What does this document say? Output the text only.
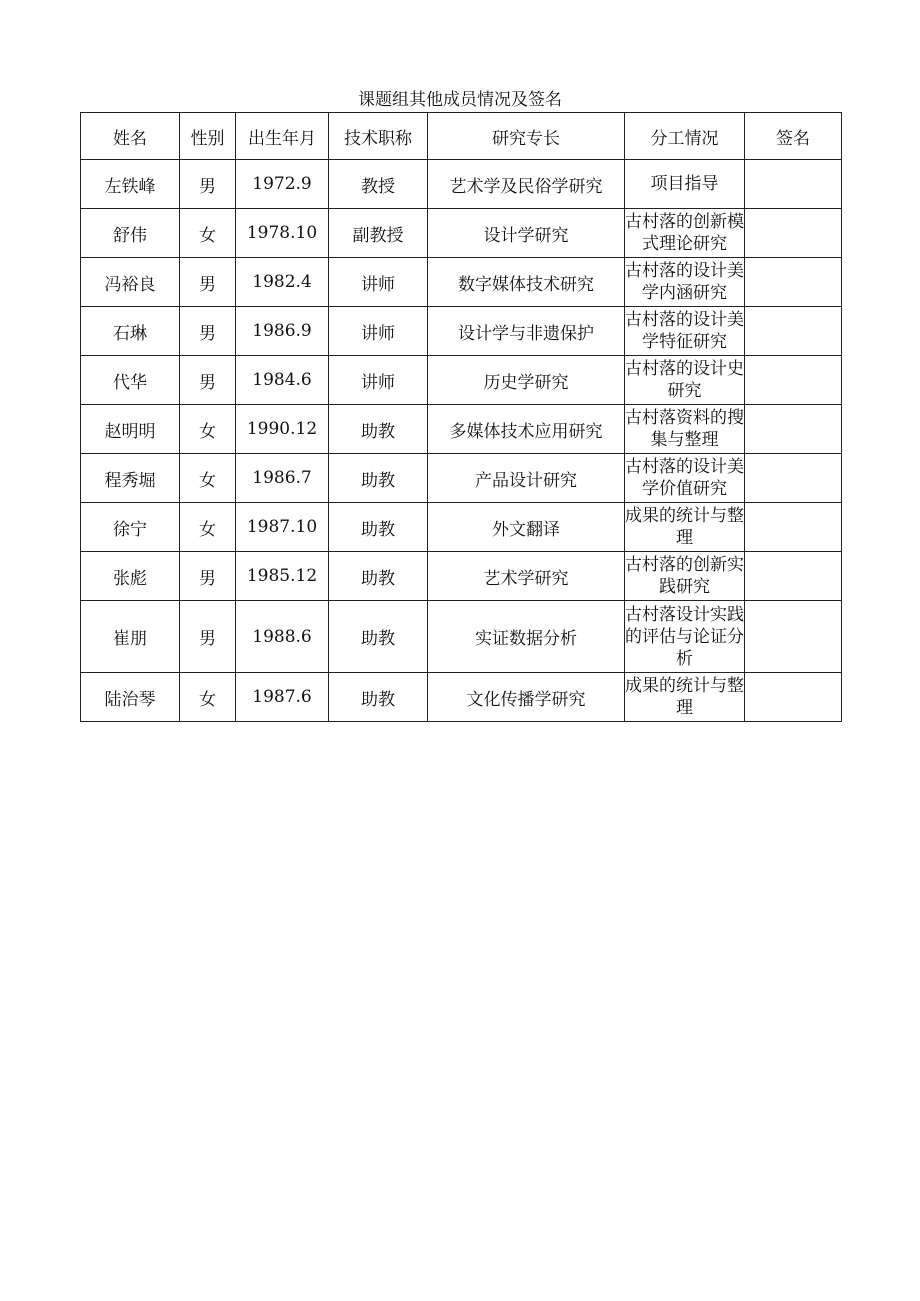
课题组其他成员情况及签名
姓名	性别	出生年月	技术职称	研究专长	分工情况	签名
左铁峰	男	1972.9	教授	艺术学及民俗学研究	项目指导	
舒伟	女	1978.10	副教授	设计学研究	古村落的创新模式理论研究	
冯裕良	男	1982.4	讲师	数字媒体技术研究	古村落的设计美学内涵研究	
石琳	男	1986.9	讲师	设计学与非遗保护	古村落的设计美学特征研究	
代华	男	1984.6	讲师	历史学研究	古村落的设计史研究	
赵明明	女	1990.12	助教	多媒体技术应用研究	古村落资料的搜集与整理	
程秀堀	女	1986.7	助教	产品设计研究	古村落的设计美学价值研究	
徐宁	女	1987.10	助教	外文翻译	成果的统计与整理	
张彪	男	1985.12	助教	艺术学研究	古村落的创新实践研究	
崔朋	男	1988.6	助教	实证数据分析	古村落设计实践的评估与论证分析	
陆治琴	女	1987.6	助教	文化传播学研究	成果的统计与整理	
